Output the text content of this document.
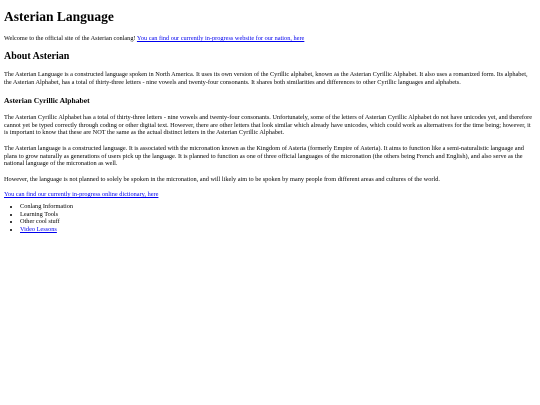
Asterian Language
Welcome to the official site of the Asterian conlang! You can find our currently in-progress website for our nation, here
About Asterian

The Asterian Language is a constructed language spoken in North America. It uses its own version of the Cyrillic alphabet, known as the Asterian Cyrillic Alphabet. It also uses a romanized form. Its alphabet, the Asterian Alphabet, has a total of thirty-three letters - nine vowels and twenty-four consonants. It shares both similarities and differences to other Cyrillic languages and alphabets.

Asterian Cyrillic Alphabet

The Asterian Cyrillic Alphabet has a total of thirty-three letters - nine vowels and twenty-four consonants. Unfortunately, some of the letters of Asterian Cyrillic Alphabet do not have unicodes yet, and therefore cannot yet be typed correctly through coding or other digital text. However, there are other letters that look similar which already have unicodes, which could work as alternatives for the time being; however, it is important to know that these are NOT the same as the actual distinct letters in the Asterian Cyrillic Alphabet.

The Asterian language is a constructed language. It is associated with the micronation known as the Kingdom of Asteria (formerly Empire of Asteria). It aims to function like a semi-naturalistic language and plans to grow naturally as generations of users pick up the language. It is planned to function as one of three official languages of the micronation (the others being French and English), and also serve as the national language of the micronation as well.

However, the language is not planned to solely be spoken in the micronation, and will likely aim to be spoken by many people from different areas and cultures of the world.

You can find our currently in-progress online dictionary, here

• Conlang Information
• Learning Tools
• Other cool stuff
• Video Lessons
